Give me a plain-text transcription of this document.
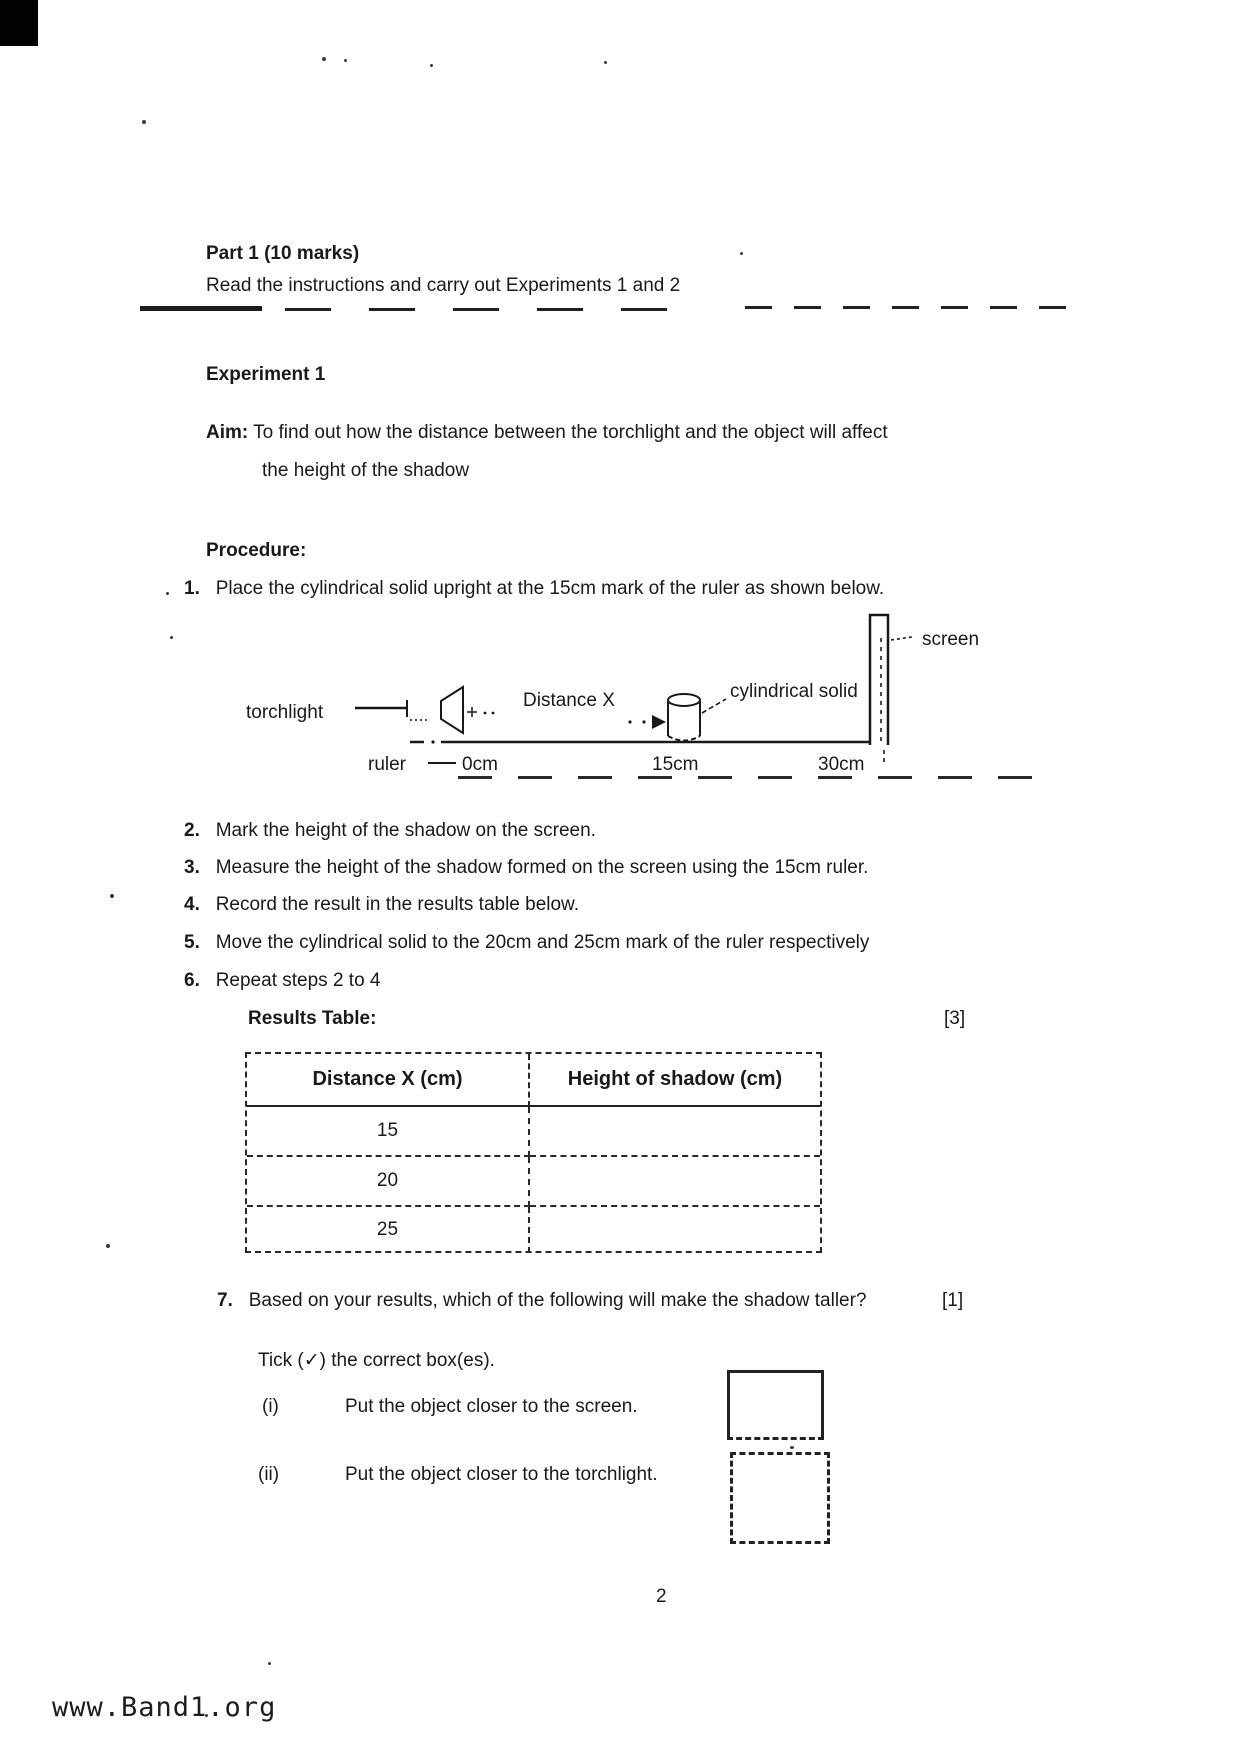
Part 1 (10 marks)
Read the instructions and carry out Experiments 1 and 2
Experiment 1
Aim: To find out how the distance between the torchlight and the object will affect
the height of the shadow
Procedure:
1. Place the cylindrical solid upright at the 15cm mark of the ruler as shown below.
torchlight
Distance X	cylindrical solid
screen
ruler	0cm	15cm	30cm
2. Mark the height of the shadow on the screen.
3. Measure the height of the shadow formed on the screen using the 15cm ruler.
4. Record the result in the results table below.
5. Move the cylindrical solid to the 20cm and 25cm mark of the ruler respectively
6. Repeat steps 2 to 4
Results Table:	[3]
Distance X (cm)	Height of shadow (cm)
15
20
25
7. Based on your results, which of the following will make the shadow taller?	[1]
Tick (✓) the correct box(es).
(i)	Put the object closer to the screen.
(ii)	Put the object closer to the torchlight.
2
www.Band1.org
